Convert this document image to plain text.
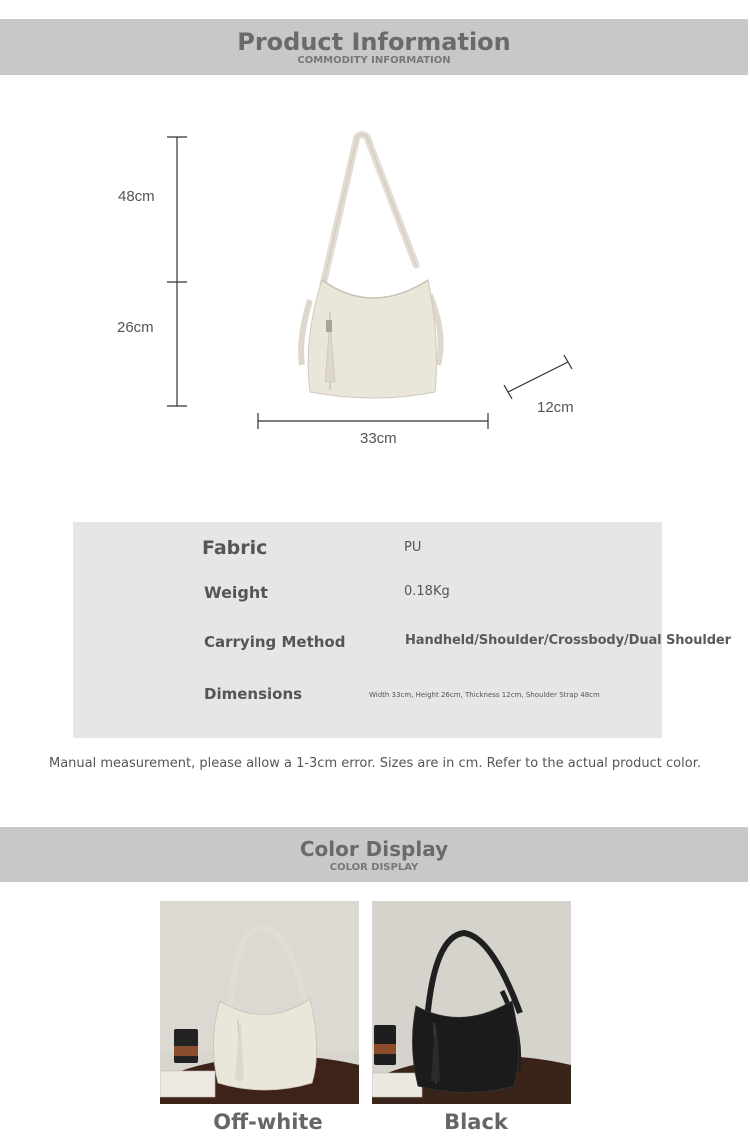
Product Information
COMMODITY INFORMATION
48cm
26cm
33cm
12cm
Fabric	PU
Weight	0.18Kg
Carrying Method	Handheld/Shoulder/Crossbody/Dual Shoulder
Dimensions	Width 33cm, Height 26cm, Thickness 12cm, Shoulder Strap 48cm
Manual measurement, please allow a 1-3cm error. Sizes are in cm. Refer to the actual product color.
Color Display
COLOR DISPLAY
Off-white	Black
